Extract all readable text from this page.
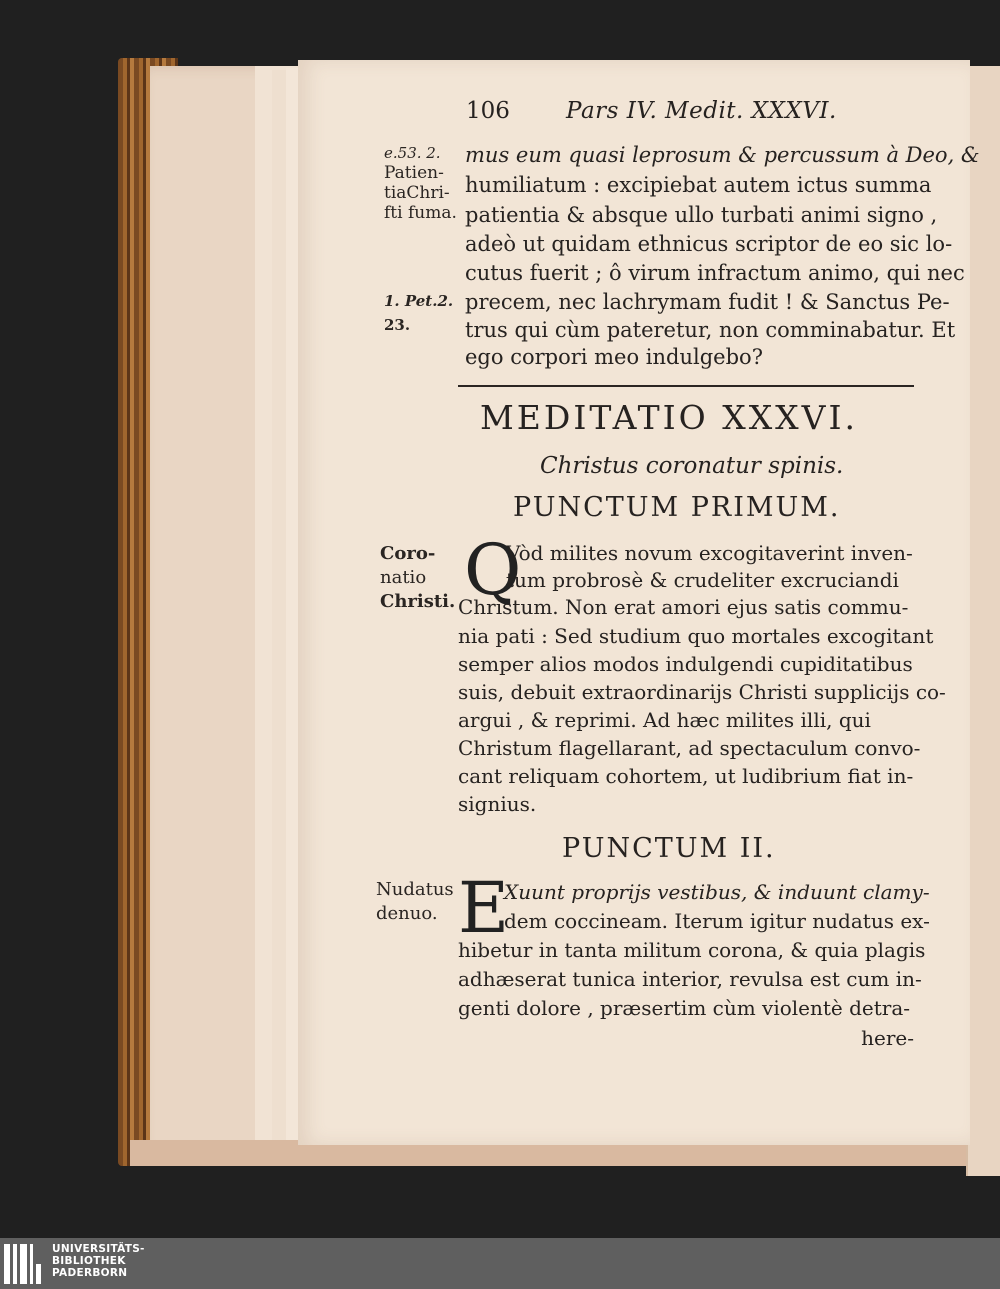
106 Pars IV. Medit. XXXVI.
e.53. 2.
Patien-
tiaChri-
fti fuma.
1. Pet.2.
23.
mus eum quasi leprosum & percussum à Deo, &
humiliatum : excipiebat autem ictus summa
patientia & absque ullo turbati animi signo ,
adeò ut quidam ethnicus scriptor de eo sic lo-
cutus fuerit ; ô virum infractum animo, qui nec
precem, nec lachrymam fudit ! & Sanctus Pe-
trus qui cùm pateretur, non comminabatur. Et
ego corpori meo indulgebo?
MEDITATIO XXXVI.
Christus coronatur spinis.
PUNCTUM PRIMUM.
Coro-
natio
Christi. Q
Vòd milites novum excogitaverint inven-
tum probrosè & crudeliter excruciandi
Christum. Non erat amori ejus satis commu-
nia pati : Sed studium quo mortales excogitant
semper alios modos indulgendi cupiditatibus
suis, debuit extraordinarijs Christi supplicijs co-
argui , & reprimi. Ad hæc milites illi, qui
Christum flagellarant, ad spectaculum convo-
cant reliquam cohortem, ut ludibrium fiat in-
signius.
PUNCTUM II.
Nudatus
denuo. E
Xuunt proprijs vestibus, & induunt clamy-
dem coccineam. Iterum igitur nudatus ex-
hibetur in tanta militum corona, & quia plagis
adhæserat tunica interior, revulsa est cum in-
genti dolore , præsertim cùm violentè detra-
here-
UNIVERSITÄTS-
BIBLIOTHEK
PADERBORN
